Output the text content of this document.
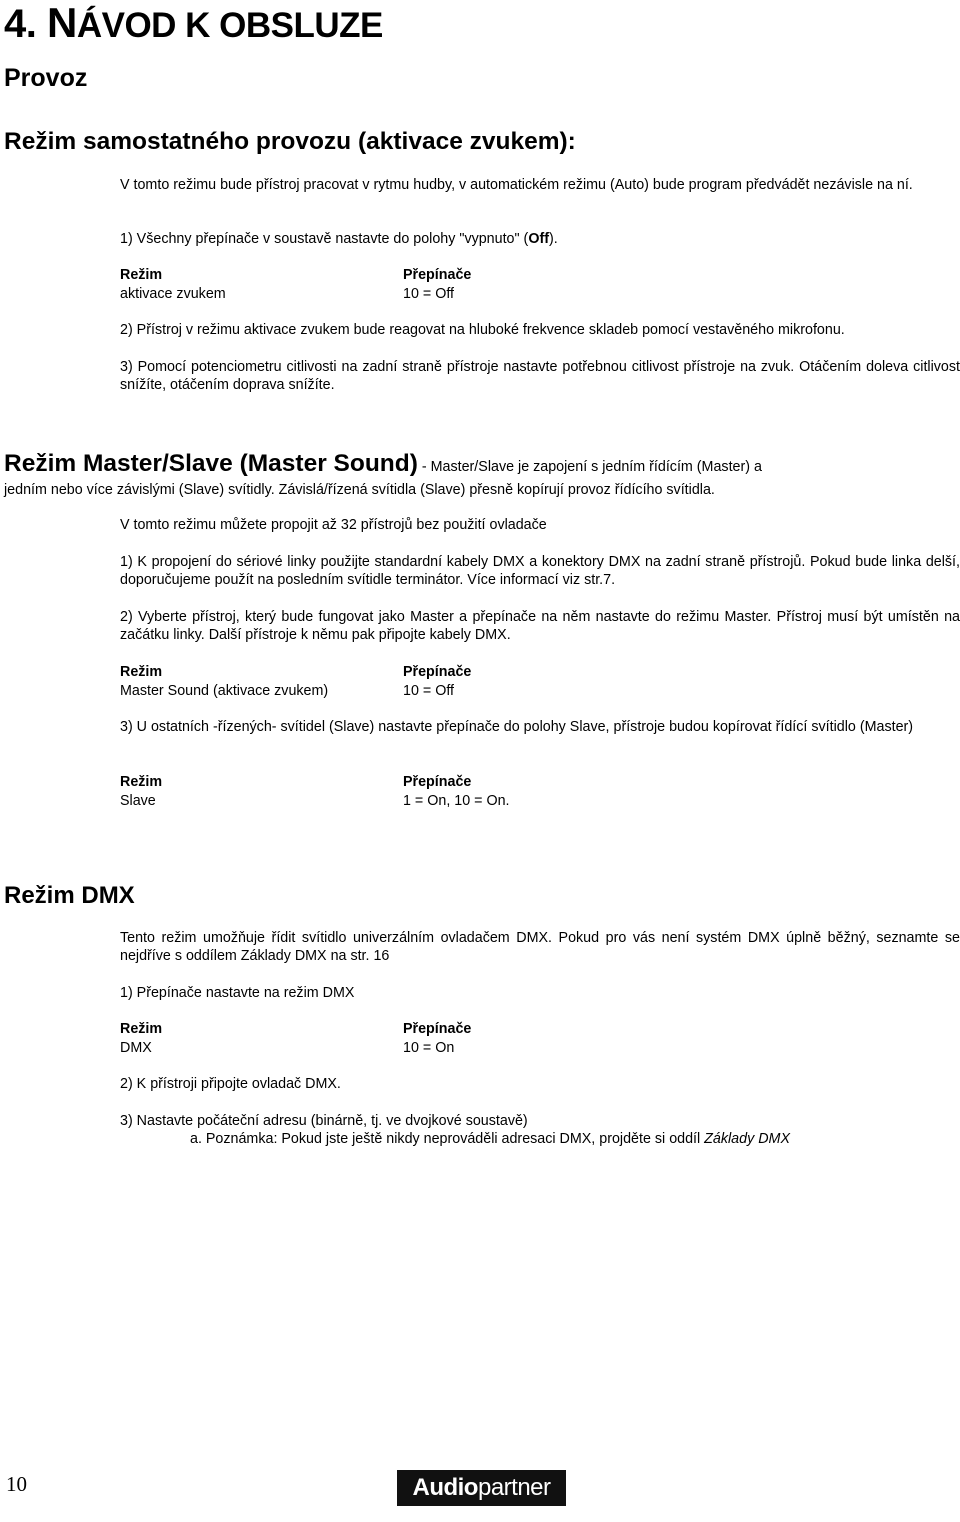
4. NÁVOD K OBSLUZE
Provoz
Režim samostatného provozu (aktivace zvukem):
V tomto režimu bude přístroj pracovat v rytmu hudby, v automatickém režimu (Auto) bude program předvádět nezávisle na ní.
1) Všechny přepínače v soustavě nastavte do polohy "vypnuto" (Off).
Režim	Přepínače
aktivace zvukem	10 = Off
2) Přístroj v režimu aktivace zvukem bude reagovat na hluboké frekvence skladeb pomocí vestavěného mikrofonu.
3) Pomocí potenciometru citlivosti na zadní straně přístroje nastavte potřebnou citlivost přístroje na zvuk. Otáčením doleva citlivost snížíte, otáčením doprava snížíte.
Režim Master/Slave (Master Sound) - Master/Slave je zapojení s jedním řídícím (Master) a
jedním nebo více závislými (Slave) svítidly. Závislá/řízená svítidla (Slave) přesně kopírují provoz řídícího svítidla.
V tomto režimu můžete propojit až 32 přístrojů bez použití ovladače
1) K propojení do sériové linky použijte standardní kabely DMX a konektory DMX na zadní straně přístrojů. Pokud bude linka delší, doporučujeme použít na posledním svítidle terminátor. Více informací viz str.7.
2) Vyberte přístroj, který bude fungovat jako Master a přepínače na něm nastavte do režimu Master. Přístroj musí být umístěn na začátku linky. Další přístroje k němu pak připojte kabely DMX.
Režim	Přepínače
Master Sound (aktivace zvukem)	10 = Off
3) U ostatních -řízených- svítidel (Slave) nastavte přepínače do polohy Slave, přístroje budou kopírovat řídící svítidlo (Master)
Režim	Přepínače
Slave	1 = On, 10 = On.
Režim DMX
Tento režim umožňuje řídit svítidlo univerzálním ovladačem DMX. Pokud pro vás není systém DMX úplně běžný, seznamte se nejdříve s oddílem Základy DMX na str. 16
1) Přepínače nastavte na režim DMX
Režim	Přepínače
DMX	10 = On
2) K přístroji připojte ovladač DMX.
3) Nastavte počáteční adresu (binárně, tj. ve dvojkové soustavě)
a. Poznámka: Pokud jste ještě nikdy neprováděli adresaci DMX, projděte si oddíl Základy DMX
10	Audiopartner
